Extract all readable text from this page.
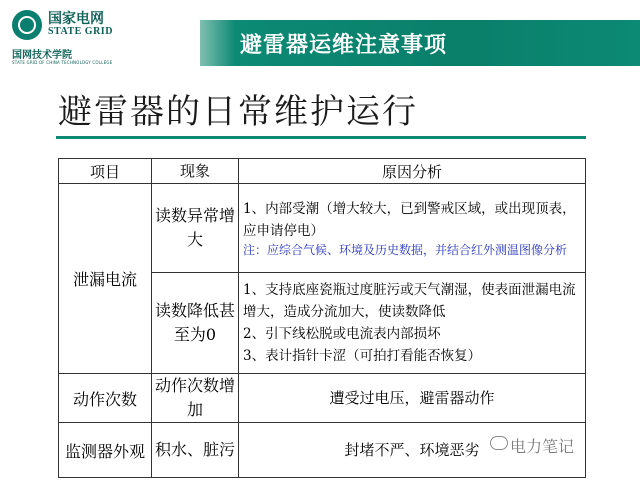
国家电网
STATE GRID
国网技术学院
STATE GRID OF CHINA TECHNOLOGY COLLEGE
避雷器运维注意事项
避雷器的日常维护运行
项目	现象	原因分析
泄漏电流	读数异常增大	1、内部受潮（增大较大，已到警戒区域，或出现顶表，应申请停电）
注：应综合气候、环境及历史数据，并结合红外测温图像分析

	读数降低甚至为0	1、支持底座瓷瓶过度脏污或天气潮湿，使表面泄漏电流增大，造成分流加大，使读数降低
2、引下线松脱或电流表内部损坏
3、表计指针卡涩（可拍打看能否恢复）

动作次数	动作次数增加	遭受过电压，避雷器动作
监测器外观	积水、脏污	封堵不严、环境恶劣 电力笔记
